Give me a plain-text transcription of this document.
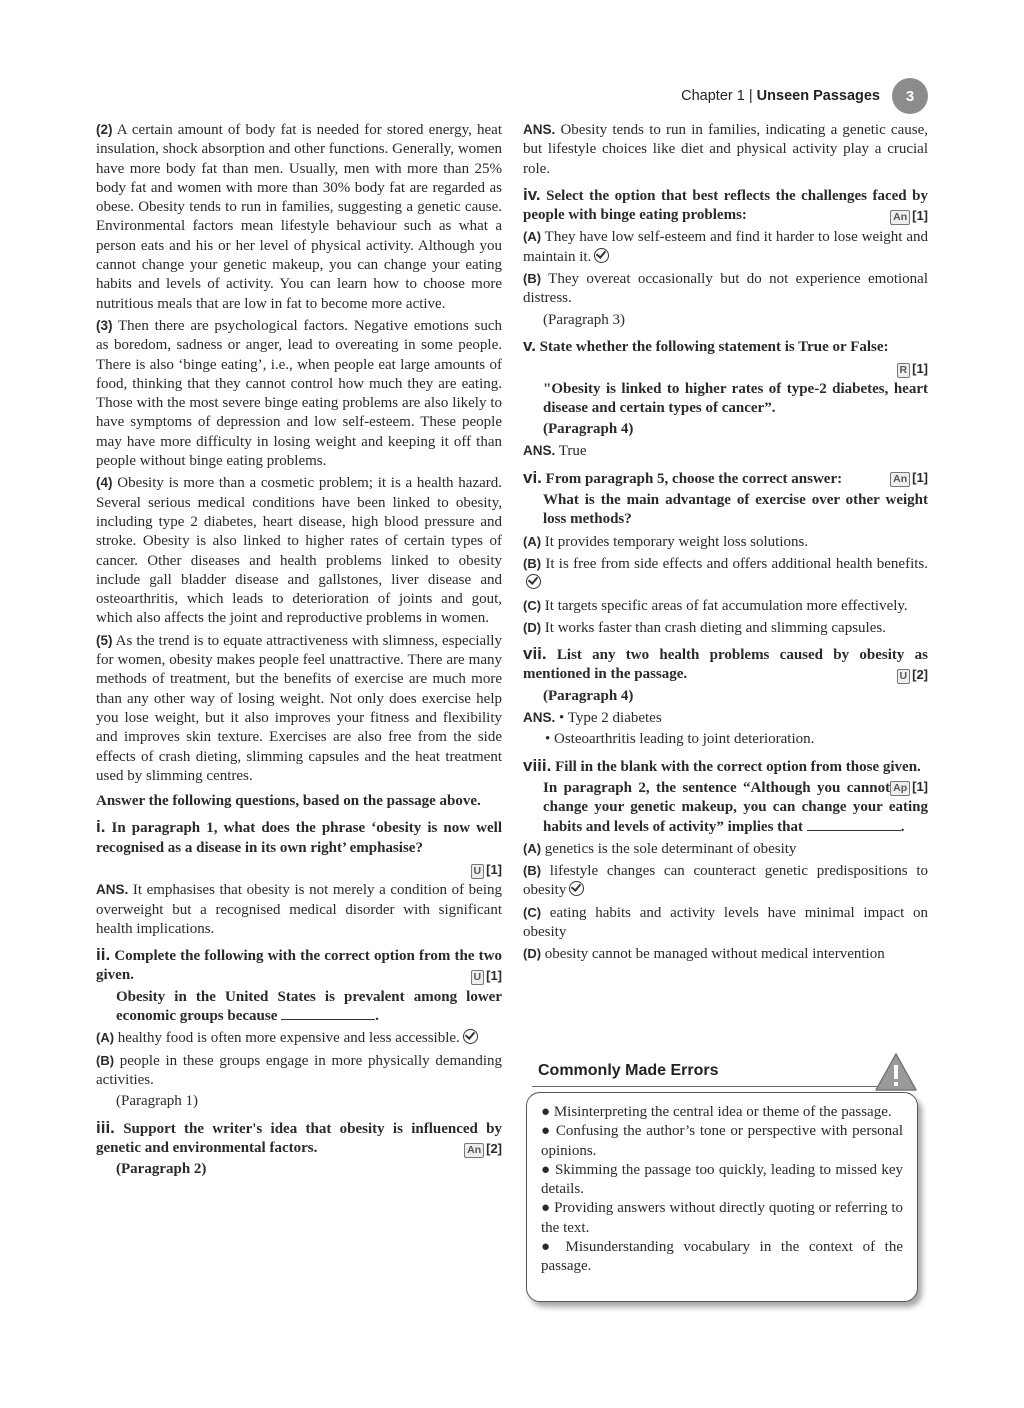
Chapter 1 | Unseen Passages	3

(2) A certain amount of body fat is needed for stored energy, heat insulation, shock absorption and other functions. Generally, women have more body fat than men. Usually, men with more than 25% body fat and women with more than 30% body fat are regarded as obese. Obesity tends to run in families, suggesting a genetic cause. Environmental factors mean lifestyle behaviour such as what a person eats and his or her level of physical activity. Although you cannot change your genetic makeup, you can change your eating habits and levels of activity. You can learn how to choose more nutritious meals that are low in fat to become more active.

(3) Then there are psychological factors. Negative emotions such as boredom, sadness or anger, lead to overeating in some people. There is also ‘binge eating’, i.e., when people eat large amounts of food, thinking that they cannot control how much they are eating. Those with the most severe binge eating problems are also likely to have symptoms of depression and low self-esteem. These people may have more difficulty in losing weight and keeping it off than people without binge eating problems.

(4) Obesity is more than a cosmetic problem; it is a health hazard. Several serious medical conditions have been linked to obesity, including type 2 diabetes, heart disease, high blood pressure and stroke. Obesity is also linked to higher rates of certain types of cancer. Other diseases and health problems linked to obesity include gall bladder disease and gallstones, liver disease and osteoarthritis, which leads to deterioration of joints and gout, which also affects the joint and reproductive problems in women.

(5) As the trend is to equate attractiveness with slimness, especially for women, obesity makes people feel unattractive. There are many methods of treatment, but the benefits of exercise are much more than any other way of losing weight. Not only does exercise help you lose weight, but it also improves your fitness and flexibility and improves skin texture. Exercises are also free from the side effects of crash dieting, slimming capsules and the heat treatment used by slimming centres.

Answer the following questions, based on the passage above.

i. In paragraph 1, what does the phrase ‘obesity is now well recognised as a disease in its own right’ emphasise?

U [1]

ANS. It emphasises that obesity is not merely a condition of being overweight but a recognised medical disorder with significant health implications.

ii. Complete the following with the correct option from the two given.	U [1]

Obesity in the United States is prevalent among lower economic groups because	.

(A) healthy food is often more expensive and less accessible.

(B) people in these groups engage in more physically demanding activities.

(Paragraph 1)

iii. Support the writer's idea that obesity is influenced by genetic and environmental factors.	An [2]

(Paragraph 2)

ANS. Obesity tends to run in families, indicating a genetic cause, but lifestyle choices like diet and physical activity play a crucial role.

iv. Select the option that best reflects the challenges faced by people with binge eating problems:	An [1]

(A) They have low self-esteem and find it harder to lose weight and maintain it.

(B) They overeat occasionally but do not experience emotional distress.

(Paragraph 3)

v. State whether the following statement is True or False:

R [1]

"Obesity is linked to higher rates of type-2 diabetes, heart disease and certain types of cancer”.

(Paragraph 4)

ANS. True

vi. From paragraph 5, choose the correct answer:	An [1]

What is the main advantage of exercise over other weight loss methods?

(A) It provides temporary weight loss solutions.

(B) It is free from side effects and offers additional health benefits.

(C) It targets specific areas of fat accumulation more effectively.

(D) It works faster than crash dieting and slimming capsules.

vii. List any two health problems caused by obesity as mentioned in the passage.	U [2]

(Paragraph 4)

ANS. • Type 2 diabetes

• Osteoarthritis leading to joint deterioration.

viii. Fill in the blank with the correct option from those given.
Ap [1]

In paragraph 2, the sentence “Although you cannot change your genetic makeup, you can change your eating habits and levels of activity” implies that	.

(A) genetics is the sole determinant of obesity

(B) lifestyle changes can counteract genetic predispositions to obesity

(C) eating habits and activity levels have minimal impact on obesity

(D) obesity cannot be managed without medical intervention

Commonly Made Errors

● Misinterpreting the central idea or theme of the passage.

● Confusing the author’s tone or perspective with personal opinions.

● Skimming the passage too quickly, leading to missed key details.

● Providing answers without directly quoting or referring to the text.

● Misunderstanding vocabulary in the context of the passage.
